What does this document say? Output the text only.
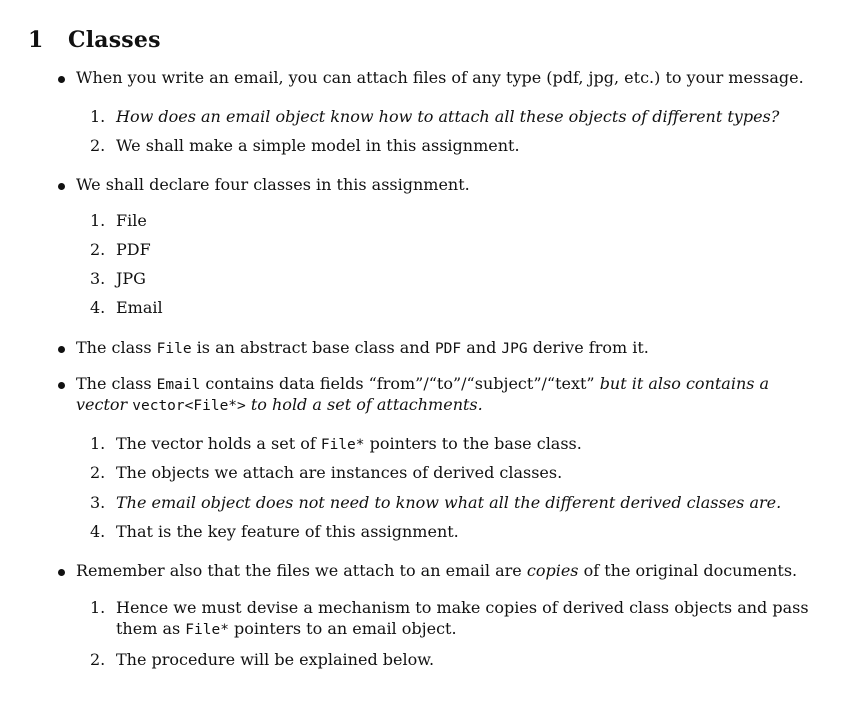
1 Classes
When you write an email, you can attach files of any type (pdf, jpg, etc.) to your message.
1. How does an email object know how to attach all these objects of different types?
2. We shall make a simple model in this assignment.
We shall declare four classes in this assignment.
1. File
2. PDF
3. JPG
4. Email
The class File is an abstract base class and PDF and JPG derive from it.
The class Email contains data fields “from”/“to”/“subject”/“text” but it also contains a vector vector<File*> to hold a set of attachments.
1. The vector holds a set of File* pointers to the base class.
2. The objects we attach are instances of derived classes.
3. The email object does not need to know what all the different derived classes are.
4. That is the key feature of this assignment.
Remember also that the files we attach to an email are copies of the original documents.
1. Hence we must devise a mechanism to make copies of derived class objects and pass them as File* pointers to an email object.
2. The procedure will be explained below.
